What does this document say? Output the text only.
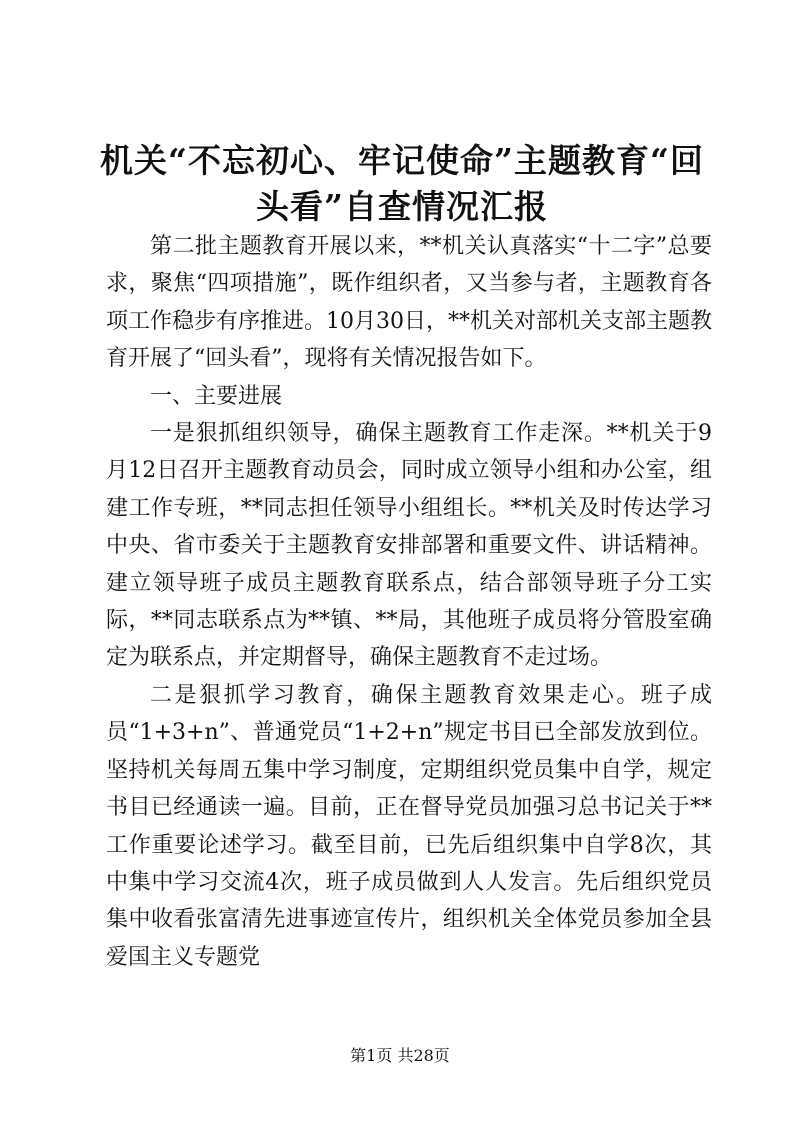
机关“不忘初心、牢记使命”主题教育“回头看”自查情况汇报

第二批主题教育开展以来，**机关认真落实“十二字”总要求，聚焦“四项措施”，既作组织者，又当参与者，主题教育各项工作稳步有序推进。10月30日，**机关对部机关支部主题教育开展了“回头看”，现将有关情况报告如下。

一、主要进展

一是狠抓组织领导，确保主题教育工作走深。**机关于9月12日召开主题教育动员会，同时成立领导小组和办公室，组建工作专班，**同志担任领导小组组长。**机关及时传达学习中央、省市委关于主题教育安排部署和重要文件、讲话精神。建立领导班子成员主题教育联系点，结合部领导班子分工实际，**同志联系点为**镇、**局，其他班子成员将分管股室确定为联系点，并定期督导，确保主题教育不走过场。

二是狠抓学习教育，确保主题教育效果走心。班子成员“1+3+n”、普通党员“1+2+n”规定书目已全部发放到位。坚持机关每周五集中学习制度，定期组织党员集中自学，规定书目已经通读一遍。目前，正在督导党员加强习总书记关于**工作重要论述学习。截至目前，已先后组织集中自学8次，其中集中学习交流4次，班子成员做到人人发言。先后组织党员集中收看张富清先进事迹宣传片，组织机关全体党员参加全县爱国主义专题党

第1页 共28页
